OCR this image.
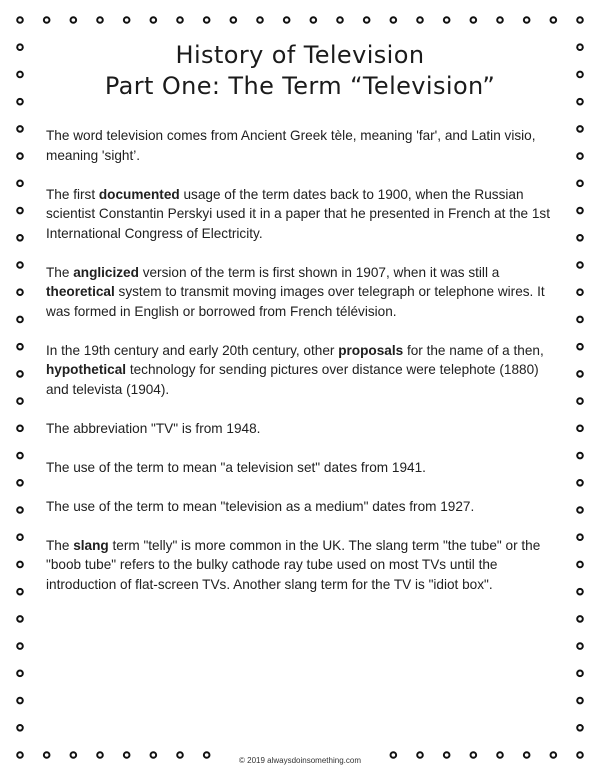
History of Television
Part One: The Term “Television”

The word television comes from Ancient Greek tèle, meaning 'far', and Latin visio, meaning 'sight’.

The first documented usage of the term dates back to 1900, when the Russian scientist Constantin Perskyi used it in a paper that he presented in French at the 1st International Congress of Electricity.

The anglicized version of the term is first shown in 1907, when it was still a theoretical system to transmit moving images over telegraph or telephone wires. It was formed in English or borrowed from French télévision.

In the 19th century and early 20th century, other proposals for the name of a then, hypothetical technology for sending pictures over distance were telephote (1880) and televista (1904).

The abbreviation "TV" is from 1948.

The use of the term to mean "a television set" dates from 1941.

The use of the term to mean "television as a medium" dates from 1927.

The slang term "telly" is more common in the UK. The slang term "the tube" or the "boob tube" refers to the bulky cathode ray tube used on most TVs until the introduction of flat-screen TVs. Another slang term for the TV is "idiot box".

© 2019 alwaysdoinsomething.com
